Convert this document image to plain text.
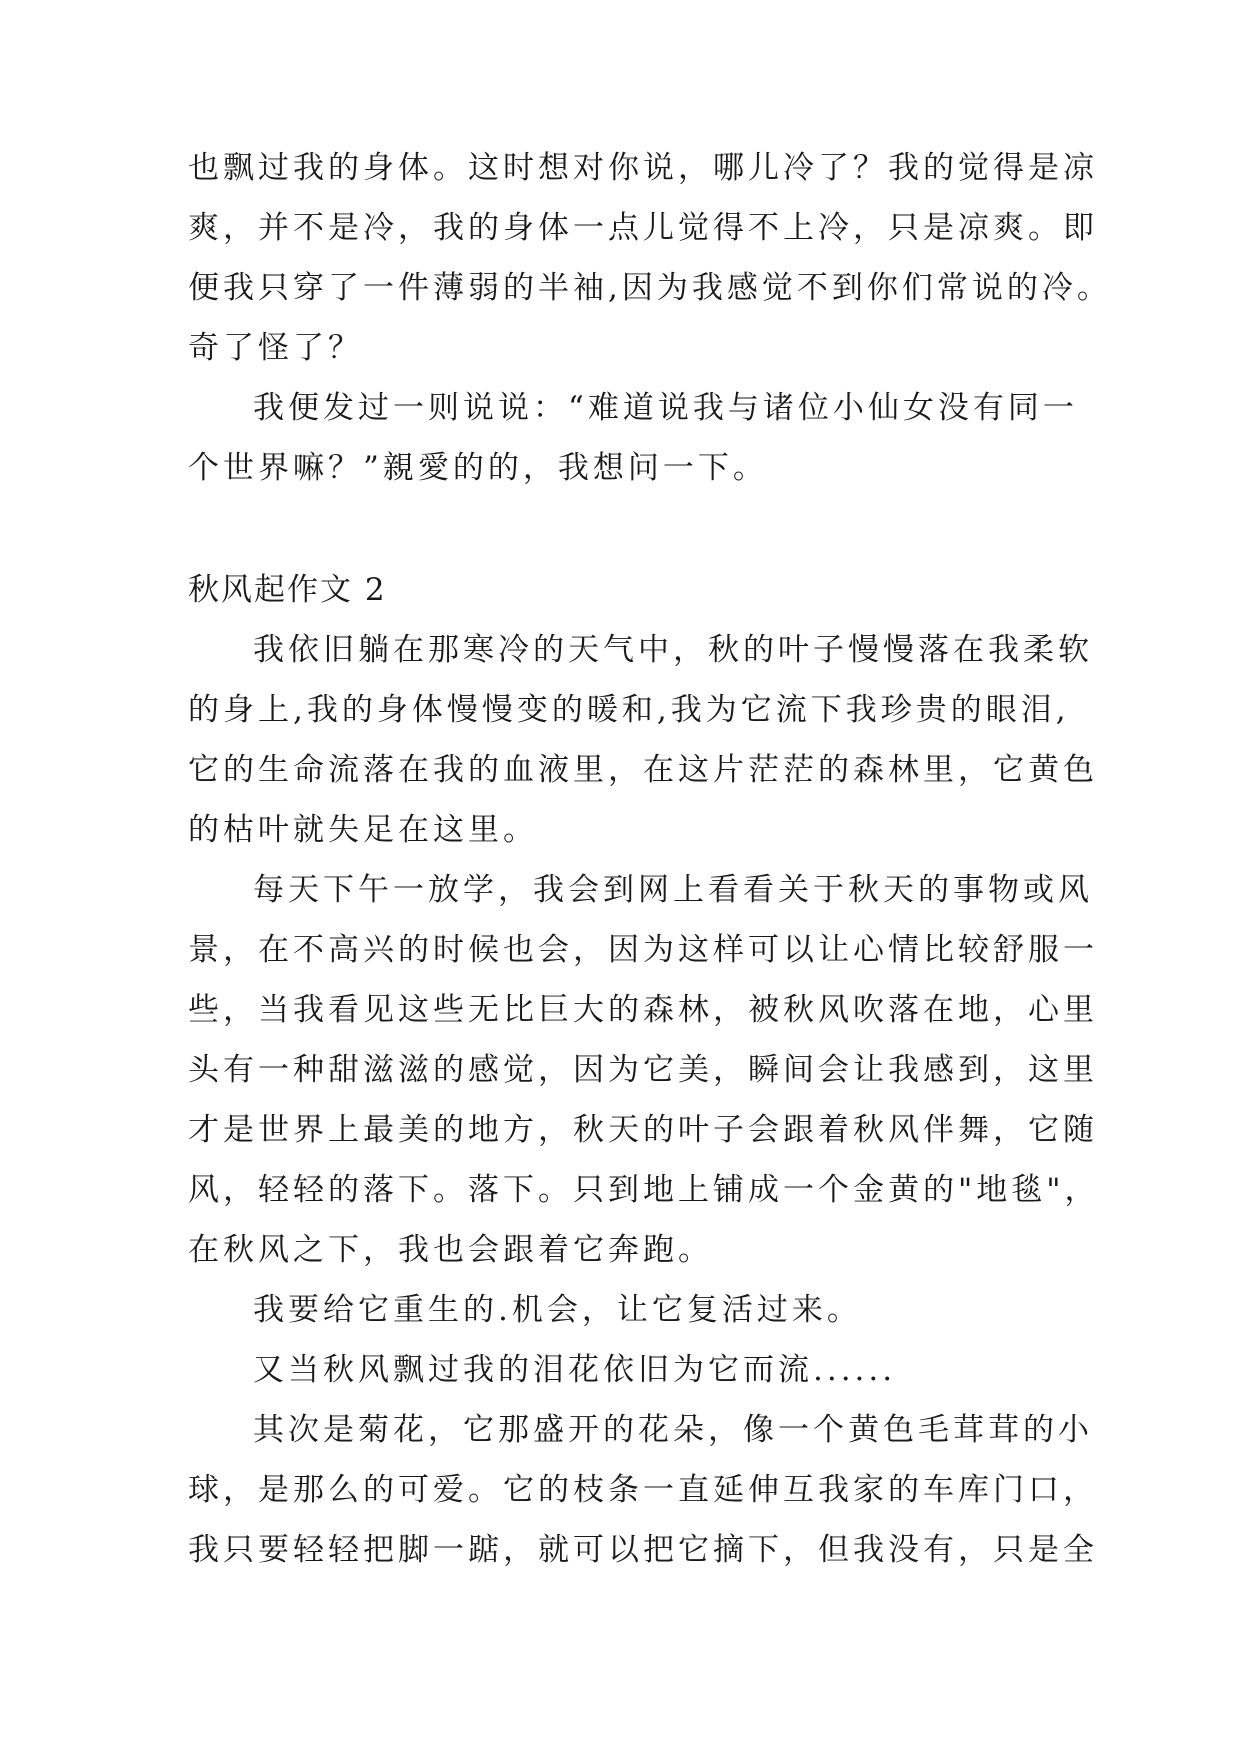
也飘过我的身体。这时想对你说，哪儿冷了？我的觉得是凉
爽，并不是冷，我的身体一点儿觉得不上冷，只是凉爽。即
便我只穿了一件薄弱的半袖,因为我感觉不到你们常说的冷。
奇了怪了？
我便发过一则说说：“难道说我与诸位小仙女没有同一
个世界嘛？”親愛的的，我想问一下。
秋风起作文 2
我依旧躺在那寒冷的天气中，秋的叶子慢慢落在我柔软
的身上,我的身体慢慢变的暖和,我为它流下我珍贵的眼泪,
它的生命流落在我的血液里，在这片茫茫的森林里，它黄色
的枯叶就失足在这里。
每天下午一放学，我会到网上看看关于秋天的事物或风
景，在不高兴的时候也会，因为这样可以让心情比较舒服一
些，当我看见这些无比巨大的森林，被秋风吹落在地，心里
头有一种甜滋滋的感觉，因为它美，瞬间会让我感到，这里
才是世界上最美的地方，秋天的叶子会跟着秋风伴舞，它随
风，轻轻的落下。落下。只到地上铺成一个金黄的"地毯"，
在秋风之下，我也会跟着它奔跑。
我要给它重生的.机会，让它复活过来。
又当秋风飘过我的泪花依旧为它而流......
其次是菊花，它那盛开的花朵，像一个黄色毛茸茸的小
球，是那么的可爱。它的枝条一直延伸互我家的车库门口，
我只要轻轻把脚一踮，就可以把它摘下，但我没有，只是全
